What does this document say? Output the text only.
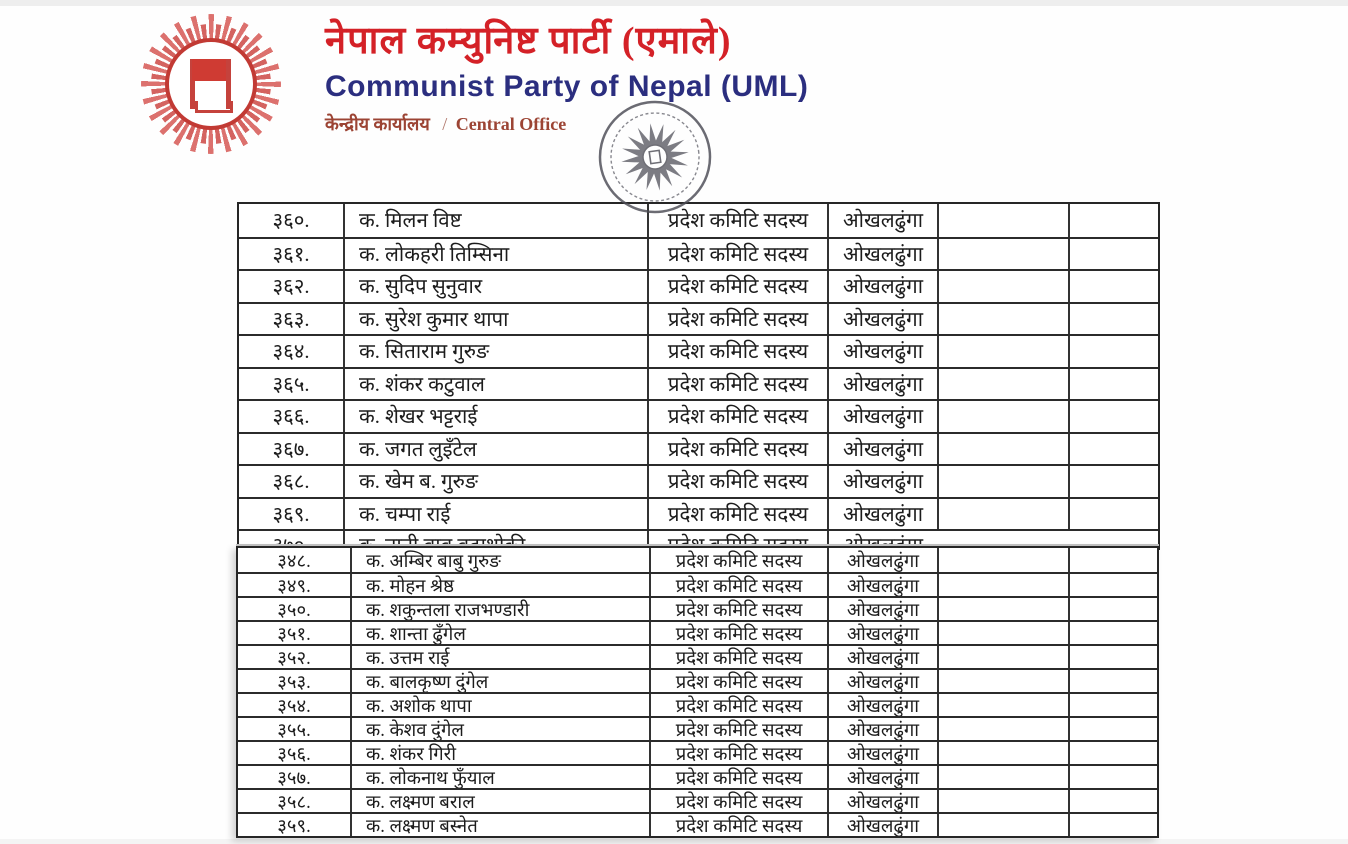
नेपाल कम्युनिष्ट पार्टी (एमाले)
Communist Party of Nepal (UML)
केन्द्रीय कार्यालय / Central Office
३६०.	क. मिलन विष्ट	प्रदेश कमिटि सदस्य	ओखलढुंगा
३६१.	क. लोकहरी तिम्सिना	प्रदेश कमिटि सदस्य	ओखलढुंगा
३६२.	क. सुदिप सुनुवार	प्रदेश कमिटि सदस्य	ओखलढुंगा
३६३.	क. सुरेश कुमार थापा	प्रदेश कमिटि सदस्य	ओखलढुंगा
३६४.	क. सिताराम गुरुङ	प्रदेश कमिटि सदस्य	ओखलढुंगा
३६५.	क. शंकर कटुवाल	प्रदेश कमिटि सदस्य	ओखलढुंगा
३६६.	क. शेखर भट्टराई	प्रदेश कमिटि सदस्य	ओखलढुंगा
३६७.	क. जगत लुइँटेल	प्रदेश कमिटि सदस्य	ओखलढुंगा
३६८.	क. खेम ब. गुरुङ	प्रदेश कमिटि सदस्य	ओखलढुंगा
३६९.	क. चम्पा राई	प्रदेश कमिटि सदस्य	ओखलढुंगा
३४८.	क. अम्बिर बाबु गुरुङ	प्रदेश कमिटि सदस्य	ओखलढुंगा
३४९.	क. मोहन श्रेष्ठ	प्रदेश कमिटि सदस्य	ओखलढुंगा
३५०.	क. शकुन्तला राजभण्डारी	प्रदेश कमिटि सदस्य	ओखलढुंगा
३५१.	क. शान्ता ढुँगेल	प्रदेश कमिटि सदस्य	ओखलढुंगा
३५२.	क. उत्तम राई	प्रदेश कमिटि सदस्य	ओखलढुंगा
३५३.	क. बालकृष्ण दुंगेल	प्रदेश कमिटि सदस्य	ओखलढुंगा
३५४.	क. अशोक थापा	प्रदेश कमिटि सदस्य	ओखलढुंगा
३५५.	क. केशव दुंगेल	प्रदेश कमिटि सदस्य	ओखलढुंगा
३५६.	क. शंकर गिरी	प्रदेश कमिटि सदस्य	ओखलढुंगा
३५७.	क. लोकनाथ फुँयाल	प्रदेश कमिटि सदस्य	ओखलढुंगा
३५८.	क. लक्ष्मण बराल	प्रदेश कमिटि सदस्य	ओखलढुंगा
३५९.	क. लक्ष्मण बस्नेत	प्रदेश कमिटि सदस्य	ओखलढुंगा
